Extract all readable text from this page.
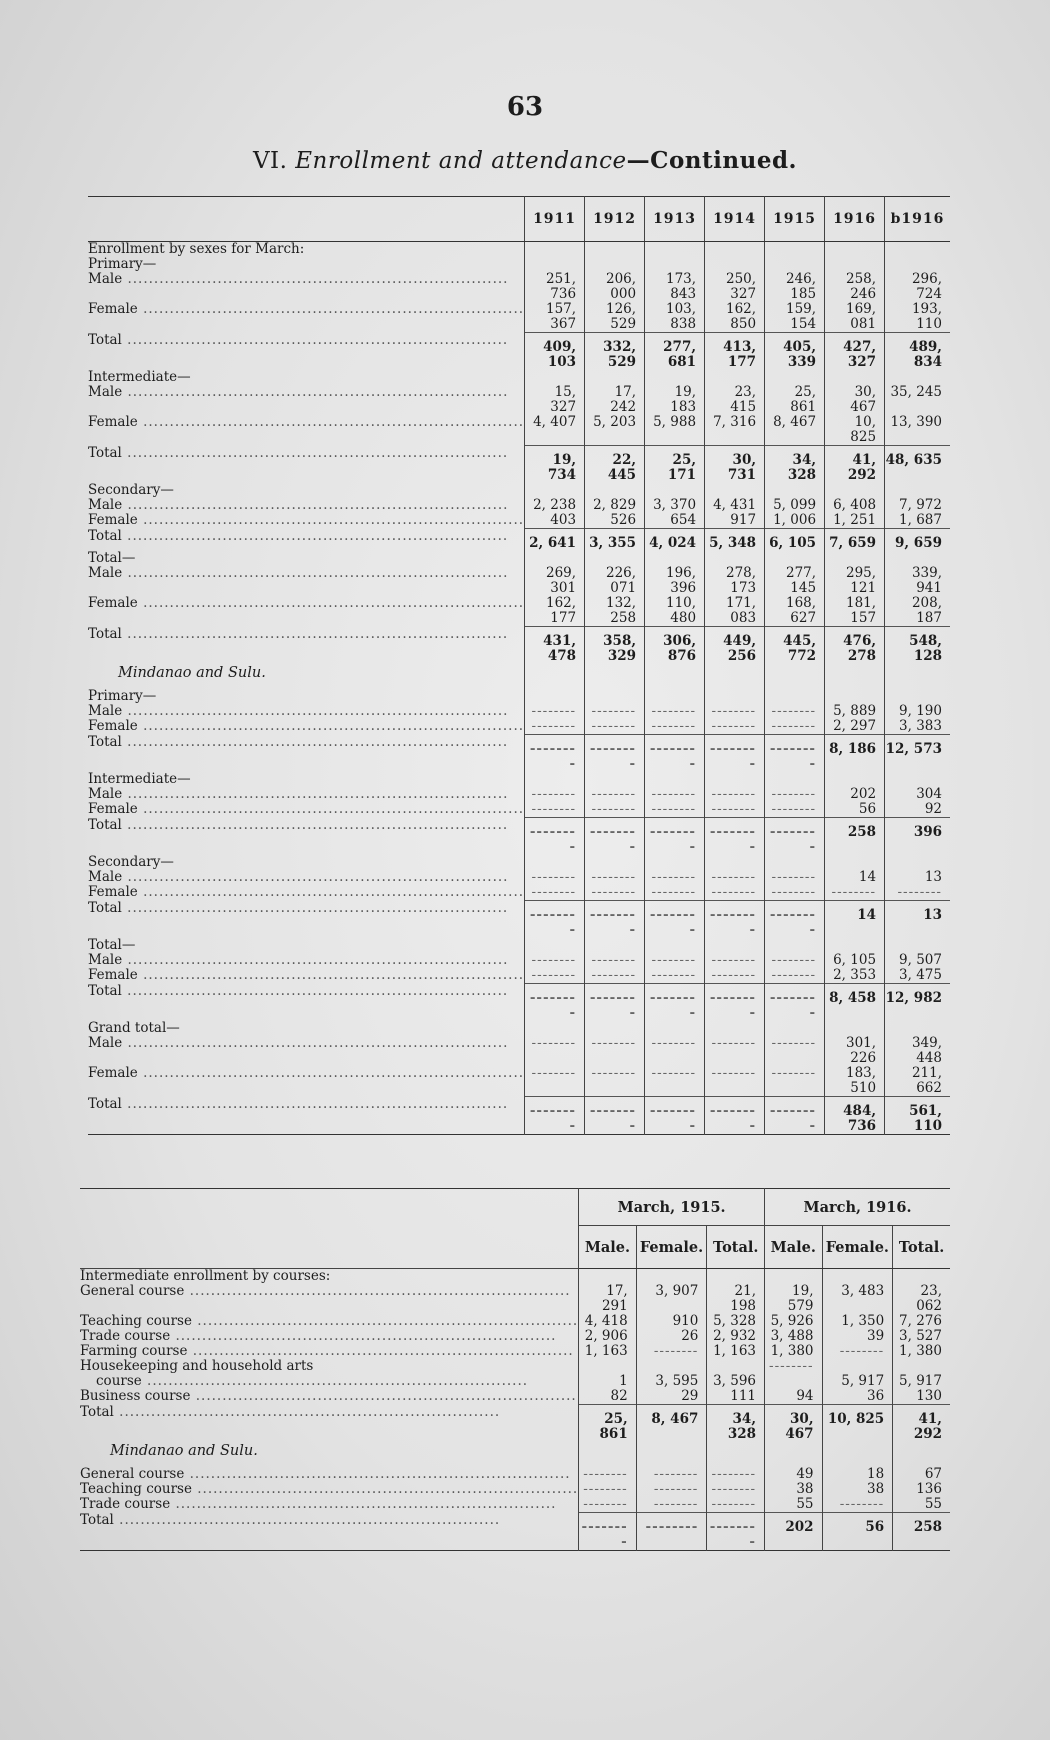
63
VI. Enrollment and attendance—Continued.
	1911	1912	1913	1914	1915	1916	b1916
Enrollment by sexes for March:							
Primary—							
Male ........................................................................	251, 736	206, 000	173, 843	250, 327	246, 185	258, 246	296, 724
Female ........................................................................	157, 367	126, 529	103, 838	162, 850	159, 154	169, 081	193, 110
Total ........................................................................	409, 103	332, 529	277, 681	413, 177	405, 339	427, 327	489, 834
Intermediate—							
Male ........................................................................	15, 327	17, 242	19, 183	23, 415	25, 861	30, 467	35, 245
Female ........................................................................	4, 407	5, 203	5, 988	7, 316	8, 467	10, 825	13, 390
Total ........................................................................	19, 734	22, 445	25, 171	30, 731	34, 328	41, 292	48, 635
Secondary—							
Male ........................................................................	2, 238	2, 829	3, 370	4, 431	5, 099	6, 408	7, 972
Female ........................................................................	403	526	654	917	1, 006	1, 251	1, 687
Total ........................................................................	2, 641	3, 355	4, 024	5, 348	6, 105	7, 659	9, 659
Total—							
Male ........................................................................	269, 301	226, 071	196, 396	278, 173	277, 145	295, 121	339, 941
Female ........................................................................	162, 177	132, 258	110, 480	171, 083	168, 627	181, 157	208, 187
Total ........................................................................	431, 478	358, 329	306, 876	449, 256	445, 772	476, 278	548, 128
Mindanao and Sulu.							
Primary—							
Male ........................................................................	--------	--------	--------	--------	--------	5, 889	9, 190
Female ........................................................................	--------	--------	--------	--------	--------	2, 297	3, 383
Total ........................................................................	--------	--------	--------	--------	--------	8, 186	12, 573
Intermediate—							
Male ........................................................................	--------	--------	--------	--------	--------	202	304
Female ........................................................................	--------	--------	--------	--------	--------	56	92
Total ........................................................................	--------	--------	--------	--------	--------	258	396
Secondary—							
Male ........................................................................	--------	--------	--------	--------	--------	14	13
Female ........................................................................	--------	--------	--------	--------	--------	--------	--------
Total ........................................................................	--------	--------	--------	--------	--------	14	13
Total—							
Male ........................................................................	--------	--------	--------	--------	--------	6, 105	9, 507
Female ........................................................................	--------	--------	--------	--------	--------	2, 353	3, 475
Total ........................................................................	--------	--------	--------	--------	--------	8, 458	12, 982
Grand total—							
Male ........................................................................	--------	--------	--------	--------	--------	301, 226	349, 448
Female ........................................................................	--------	--------	--------	--------	--------	183, 510	211, 662
Total ........................................................................	--------	--------	--------	--------	--------	484, 736	561, 110
	March, 1915.			March, 1916.		
	Male.	Female.	Total.	Male.	Female.	Total.
Intermediate enrollment by courses:						
General course ........................................................................	17, 291	3, 907	21, 198	19, 579	3, 483	23, 062
Teaching course ........................................................................	4, 418	910	5, 328	5, 926	1, 350	7, 276
Trade course ........................................................................	2, 906	26	2, 932	3, 488	39	3, 527
Farming course ........................................................................	1, 163	--------	1, 163	1, 380	--------	1, 380

Housekeeping and household arts
course ........................................................................	1	3, 595	3, 596	--------	5, 917	5, 917

Business course ........................................................................	82	29	111	94	36	130
Total ........................................................................	25, 861	8, 467	34, 328	30, 467	10, 825	41, 292
Mindanao and Sulu.						
General course ........................................................................	--------	--------	--------	49	18	67
Teaching course ........................................................................	--------	--------	--------	38	38	136
Trade course ........................................................................	--------	--------	--------	55	--------	55
Total ........................................................................	--------	--------	--------	202	56	258
